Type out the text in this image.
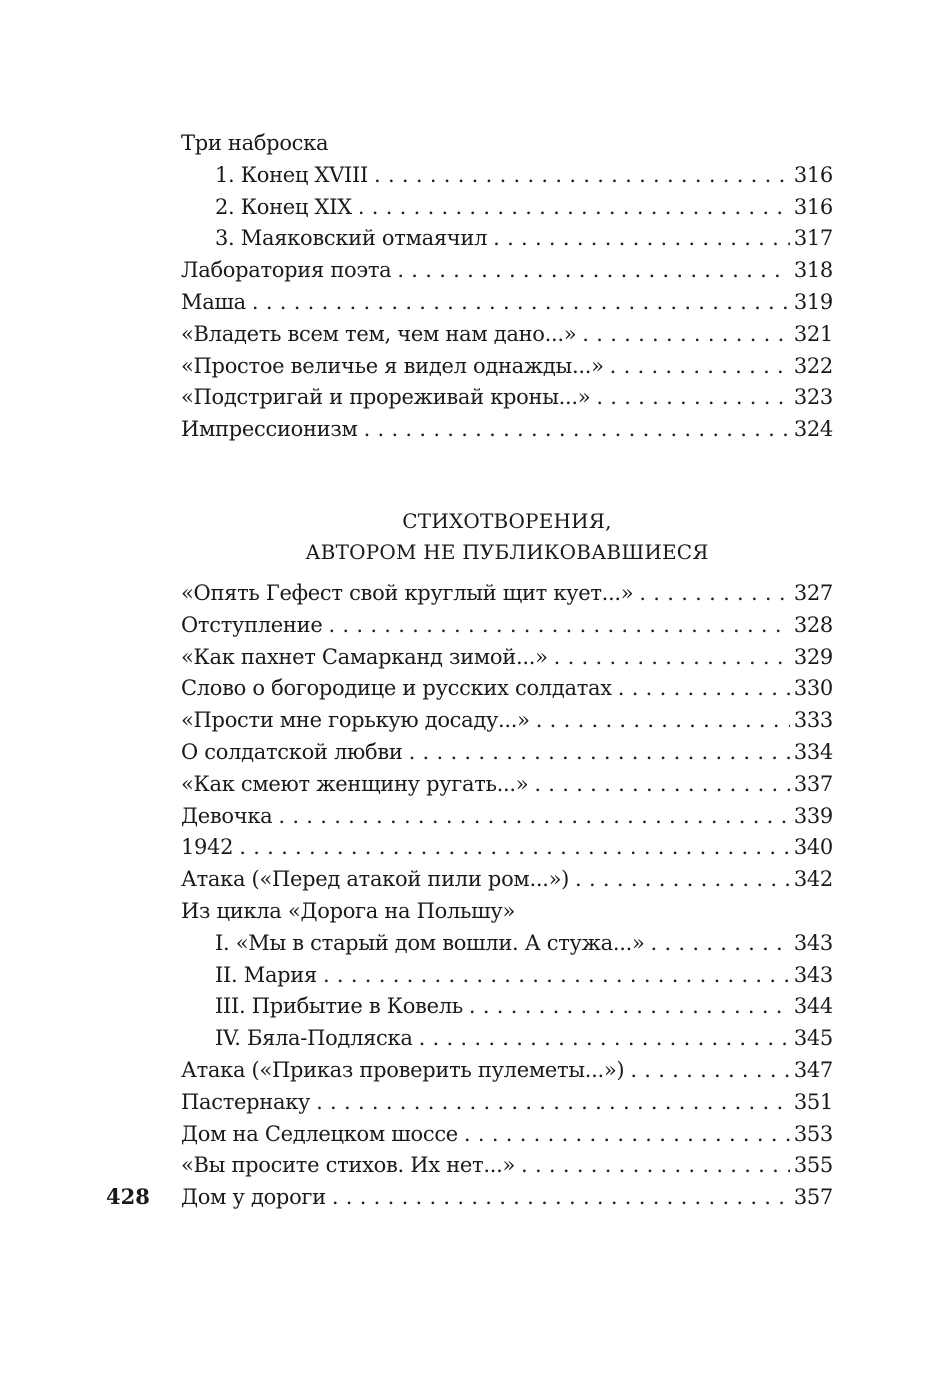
Три наброска
1. Конец XVIII . . .	316
2. Конец XIX . . .	316
3. Маяковский отмаячил . . .	317
Лаборатория поэта . . .	318
Маша . . .	319
«Владеть всем тем, чем нам дано...» . . .	321
«Простое величье я видел однажды...» . . .	322
«Подстригай и прореживай кроны...» . . .	323
Импрессионизм . . .	324
СТИХОТВОРЕНИЯ,
АВТОРОМ НЕ ПУБЛИКОВАВШИЕСЯ
«Опять Гефест свой круглый щит кует...» . . .	327
Отступление . . .	328
«Как пахнет Самарканд зимой...» . . .	329
Слово о богородице и русских солдатах . . .	330
«Прости мне горькую досаду...» . . .	333
О солдатской любви . . .	334
«Как смеют женщину ругать...» . . .	337
Девочка . . .	339
1942 . . .	340
Атака («Перед атакой пили ром...») . . .	342
Из цикла «Дорога на Польшу»
I. «Мы в старый дом вошли. А стужа...» . . .	343
II. Мария . . .	343
III. Прибытие в Ковель . . .	344
IV. Бяла-Подляска . . .	345
Атака («Приказ проверить пулеметы...») . . .	347
Пастернаку . . .	351
Дом на Седлецком шоссе . . .	353
«Вы просите стихов. Их нет...» . . .	355
Дом у дороги . . .	357
428
